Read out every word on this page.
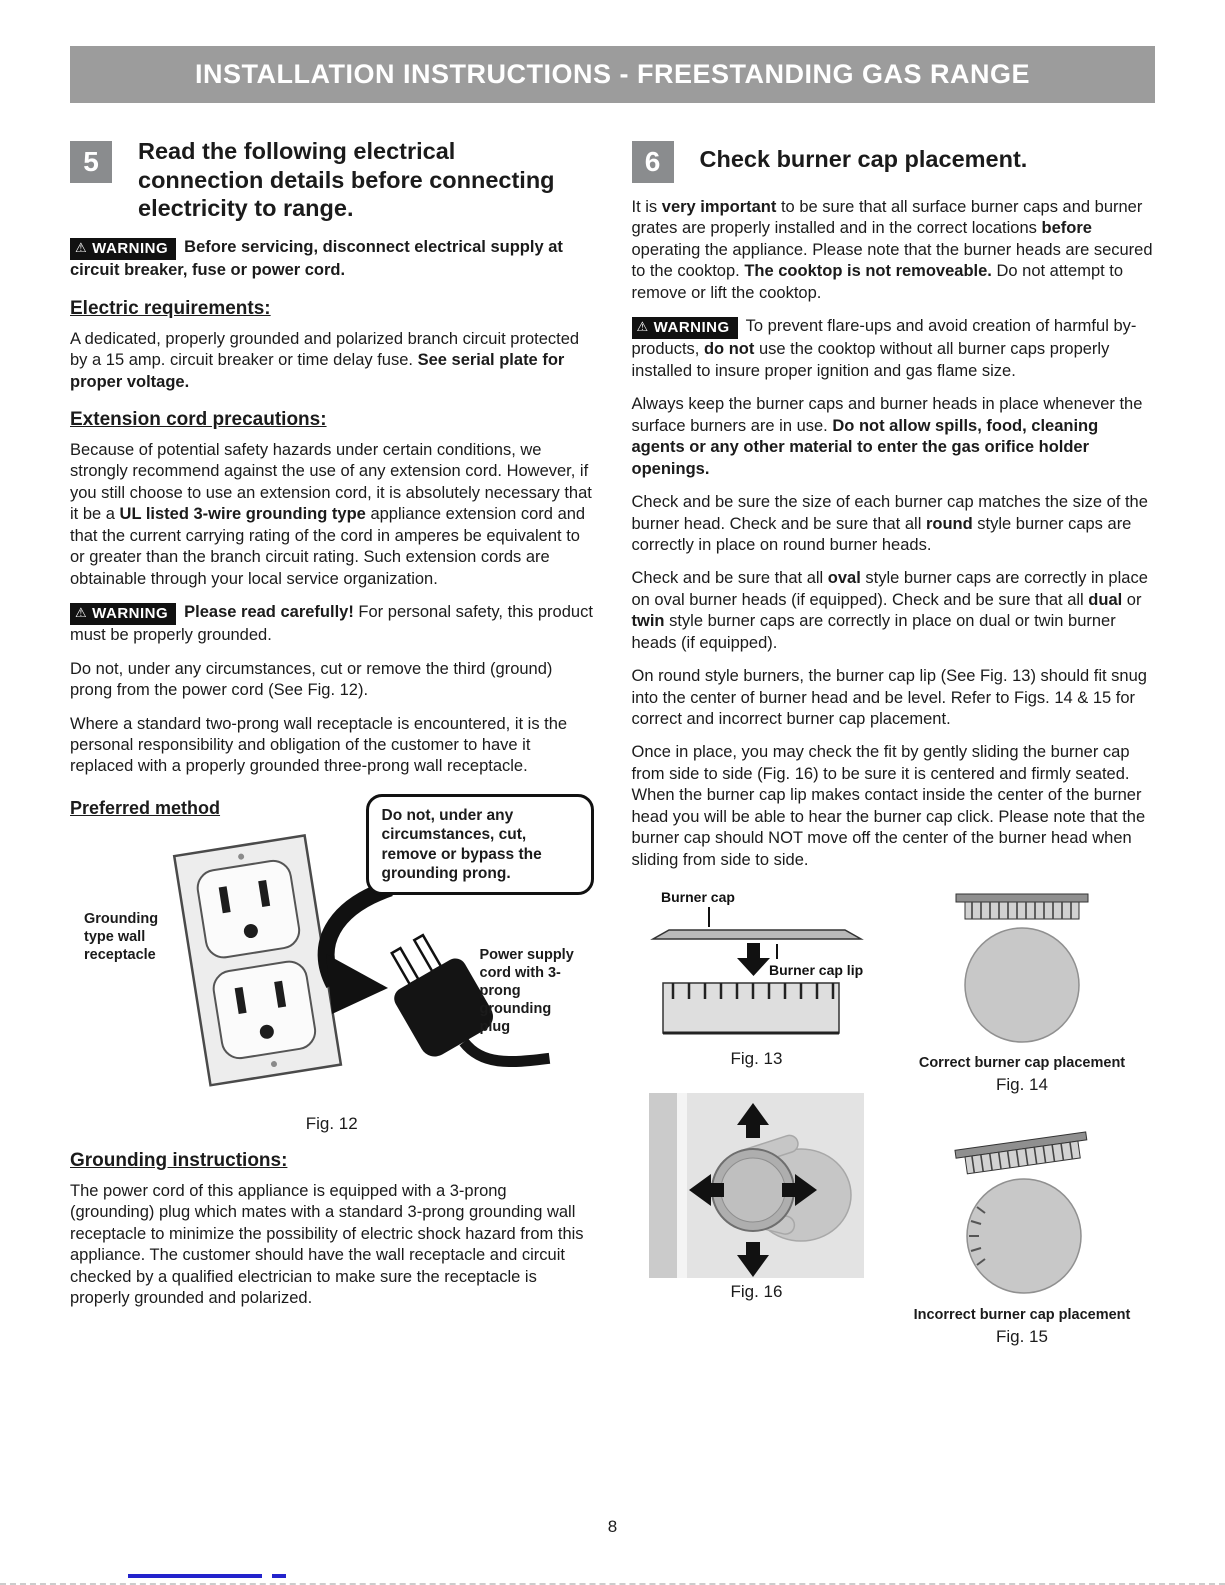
INSTALLATION INSTRUCTIONS - FREESTANDING GAS RANGE
5	Read the following electrical connection details before connecting electricity to range.

⚠ WARNING Before servicing, disconnect electrical supply at circuit breaker, fuse or power cord.

Electric requirements:

A dedicated, properly grounded and polarized branch circuit protected by a 15 amp. circuit breaker or time delay fuse. See serial plate for proper voltage.

Extension cord precautions:

Because of potential safety hazards under certain conditions, we strongly recommend against the use of any extension cord. However, if you still choose to use an extension cord, it is absolutely necessary that it be a UL listed 3-wire grounding type appliance extension cord and that the current carrying rating of the cord in amperes be equivalent to or greater than the branch circuit rating. Such extension cords are obtainable through your local service organization.

⚠ WARNING Please read carefully! For personal safety, this product must be properly grounded.

Do not, under any circumstances, cut or remove the third (ground) prong from the power cord (See Fig. 12).

Where a standard two-prong wall receptacle is encountered, it is the personal responsibility and obligation of the customer to have it replaced with a properly grounded three-prong wall receptacle.

Preferred method	Do not, under any circumstances, cut, remove or bypass the grounding prong.
Grounding type wall receptacle	Power supply cord with 3-prong grounding plug
Fig. 12
Grounding instructions:

The power cord of this appliance is equipped with a 3-prong (grounding) plug which mates with a standard 3-prong grounding wall receptacle to minimize the possibility of electric shock hazard from this appliance. The customer should have the wall receptacle and circuit checked by a qualified electrician to make sure the receptacle is properly grounded and polarized.

6	Check burner cap placement.

It is very important to be sure that all surface burner caps and burner grates are properly installed and in the correct locations before operating the appliance. Please note that the burner heads are secured to the cooktop. The cooktop is not removeable. Do not attempt to remove or lift the cooktop.

⚠ WARNING To prevent flare-ups and avoid creation of harmful by-products, do not use the cooktop without all burner caps properly installed to insure proper ignition and gas flame size.

Always keep the burner caps and burner heads in place whenever the surface burners are in use. Do not allow spills, food, cleaning agents or any other material to enter the gas orifice holder openings.

Check and be sure the size of each burner cap matches the size of the burner head. Check and be sure that all round style burner caps are correctly in place on round burner heads.

Check and be sure that all oval style burner caps are correctly in place on oval burner heads (if equipped). Check and be sure that all dual or twin style burner caps are correctly in place on dual or twin burner heads (if equipped).

On round style burners, the burner cap lip (See Fig. 13) should fit snug into the center of burner head and be level. Refer to Figs. 14 & 15 for correct and incorrect burner cap placement.

Once in place, you may check the fit by gently sliding the burner cap from side to side (Fig. 16) to be sure it is centered and firmly seated. When the burner cap lip makes contact inside the center of the burner head you will be able to hear the burner cap click. Please note that the burner cap should NOT move off the center of the burner head when sliding from side to side.

Burner cap
Burner cap lip
Fig. 13
Fig. 16
Correct burner cap placement
Fig. 14
Incorrect burner cap placement
Fig. 15
8
